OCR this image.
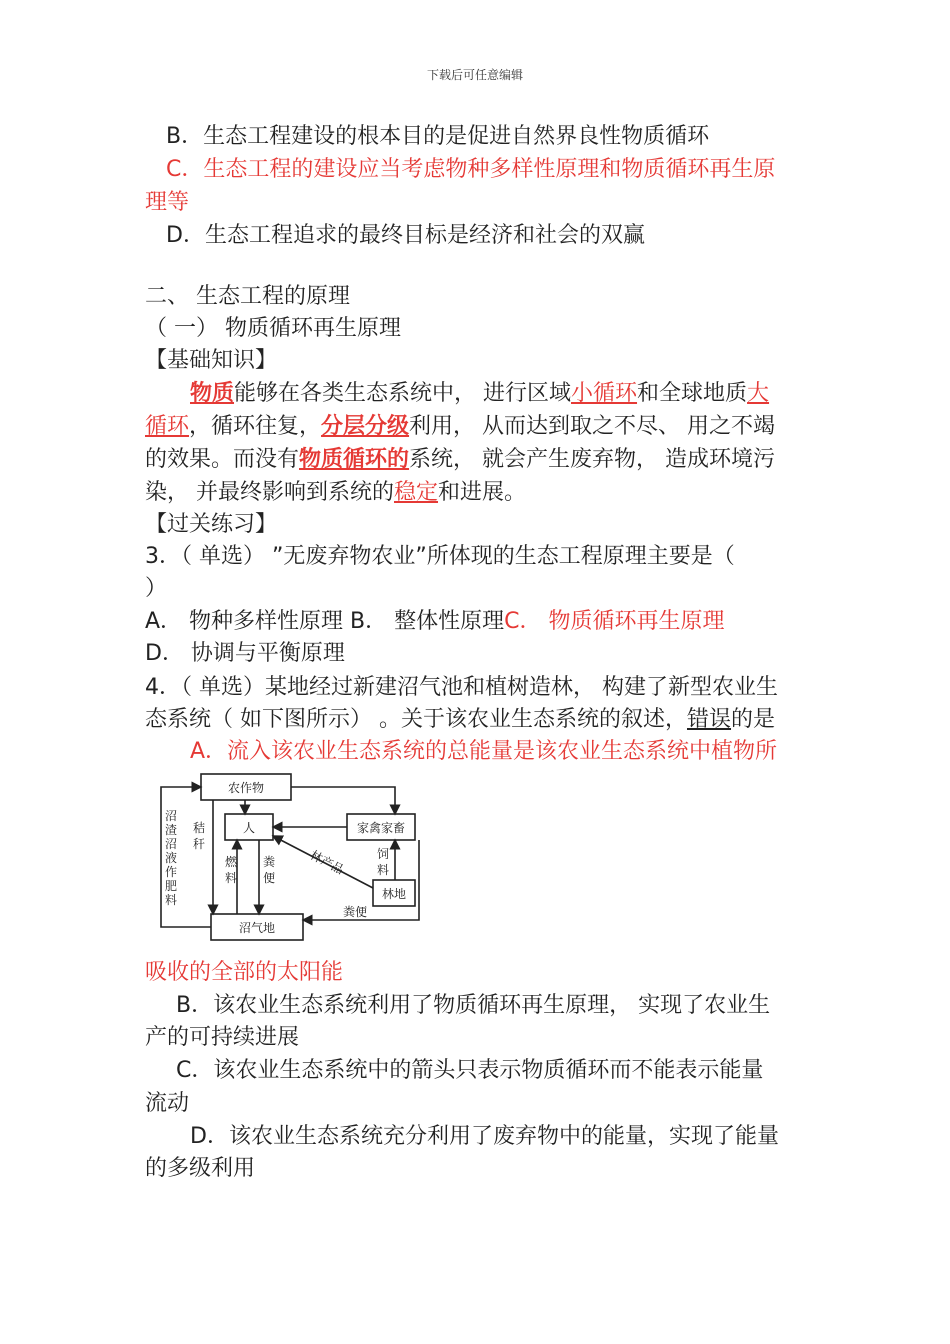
下载后可任意编辑
B．生态工程建设的根本目的是促进自然界良性物质循环
C．生态工程的建设应当考虑物种多样性原理和物质循环再生原
理等
D．生态工程追求的最终目标是经济和社会的双赢
二、 生态工程的原理
（ 一） 物质循环再生原理
【基础知识】
物质能够在各类生态系统中， 进行区域小循环和全球地质大
循环，循环往复，分层分级利用， 从而达到取之不尽、 用之不竭
的效果。而没有物质循环的系统， 就会产生废弃物， 造成环境污
染， 并最终影响到系统的稳定和进展。
【过关练习】
3．（ 单选） ”无废弃物农业”所体现的生态工程原理主要是（
）
A． 物种多样性原理 B． 整体性原理C． 物质循环再生原理
D． 协调与平衡原理
4．（ 单选）某地经过新建沼气池和植树造林， 构建了新型农业生
态系统（ 如下图所示） 。关于该农业生态系统的叙述，错误的是
A．流入该农业生态系统的总能量是该农业生态系统中植物所
农作物
人	家禽家畜
林地
沼气地
沼
渣
沼
液
作
肥
料
秸
秆
燃
料
粪
便
饲
料
林产品
粪便
吸收的全部的太阳能
B．该农业生态系统利用了物质循环再生原理， 实现了农业生
产的可持续进展
C．该农业生态系统中的箭头只表示物质循环而不能表示能量
流动
D．该农业生态系统充分利用了废弃物中的能量，实现了能量
的多级利用
